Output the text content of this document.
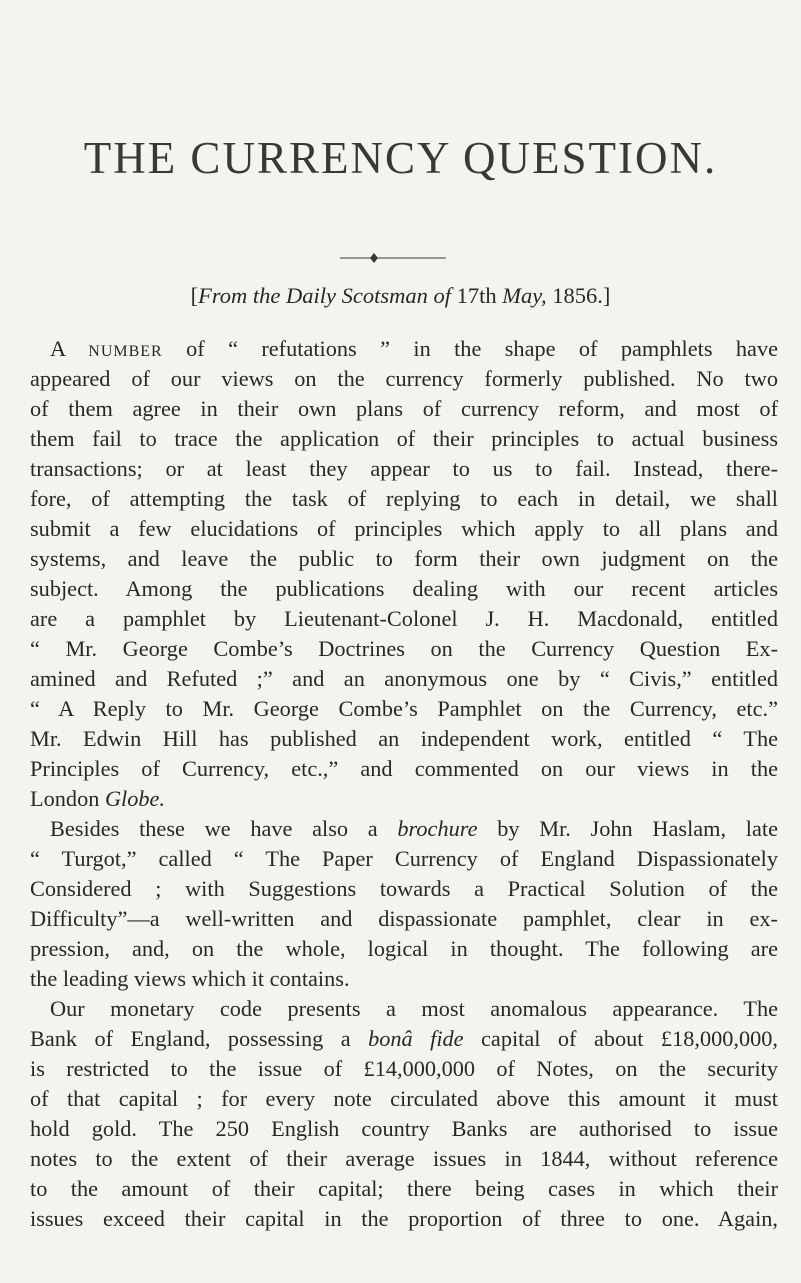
THE CURRENCY QUESTION.

[From the Daily Scotsman of 17th May, 1856.]

A number of “ refutations ” in the shape of pamphlets have
appeared of our views on the currency formerly published. No two
of them agree in their own plans of currency reform, and most of
them fail to trace the application of their principles to actual business
transactions; or at least they appear to us to fail. Instead, there-
fore, of attempting the task of replying to each in detail, we shall
submit a few elucidations of principles which apply to all plans and
systems, and leave the public to form their own judgment on the
subject. Among the publications dealing with our recent articles
are a pamphlet by Lieutenant-Colonel J. H. Macdonald, entitled
“ Mr. George Combe’s Doctrines on the Currency Question Ex-
amined and Refuted ;” and an anonymous one by “ Civis,” entitled
“ A Reply to Mr. George Combe’s Pamphlet on the Currency, etc.”
Mr. Edwin Hill has published an independent work, entitled “ The
Principles of Currency, etc.,” and commented on our views in the
London Globe.
Besides these we have also a brochure by Mr. John Haslam, late
“ Turgot,” called “ The Paper Currency of England Dispassionately
Considered ; with Suggestions towards a Practical Solution of the
Difficulty”—a well-written and dispassionate pamphlet, clear in ex-
pression, and, on the whole, logical in thought. The following are
the leading views which it contains.
Our monetary code presents a most anomalous appearance. The
Bank of England, possessing a bonâ fide capital of about £18,000,000,
is restricted to the issue of £14,000,000 of Notes, on the security
of that capital ; for every note circulated above this amount it must
hold gold. The 250 English country Banks are authorised to issue
notes to the extent of their average issues in 1844, without reference
to the amount of their capital; there being cases in which their
issues exceed their capital in the proportion of three to one. Again,
